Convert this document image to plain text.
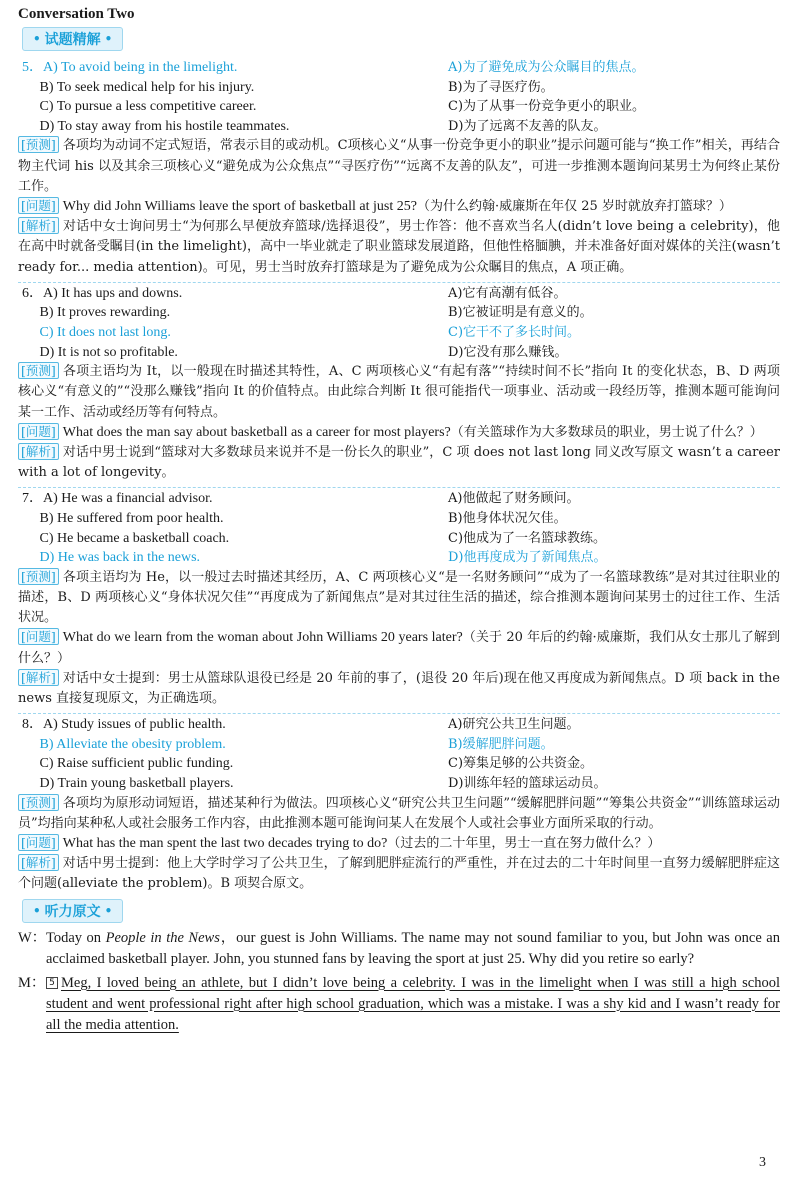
Conversation Two
• 试题精解 •
5．A) To avoid being in the limelight.	A)为了避免成为公众瞩目的焦点。
　 B) To seek medical help for his injury.	B)为了寻医疗伤。
　 C) To pursue a less competitive career.	C)为了从事一份竞争更小的职业。
　 D) To stay away from his hostile teammates.	D)为了远离不友善的队友。

[预测] 各项均为动词不定式短语，常表示目的或动机。C项核心义“从事一份竞争更小的职业”提示问题可能与“换工作”相关，再结合物主代词 his 以及其余三项核心义“避免成为公众焦点”“寻医疗伤”“远离不友善的队友”，可进一步推测本题询问某男士为何终止某份工作。

[问题] Why did John Williams leave the sport of basketball at just 25?（为什么约翰·威廉斯在年仅 25 岁时就放弃打篮球？）

[解析] 对话中女士询问男士“为何那么早便放弃篮球/选择退役”，男士作答：他不喜欢当名人(didn’t love being a celebrity)，他在高中时就备受瞩目(in the limelight)，高中一毕业就走了职业篮球发展道路，但他性格腼腆，并未准备好面对媒体的关注(wasn’t ready for... media attention)。可见，男士当时放弃打篮球是为了避免成为公众瞩目的焦点，A 项正确。

6．A) It has ups and downs.	A)它有高潮有低谷。
　 B) It proves rewarding.	B)它被证明是有意义的。
　 C) It does not last long.	C)它干不了多长时间。
　 D) It is not so profitable.	D)它没有那么赚钱。

[预测] 各项主语均为 It，以一般现在时描述其特性，A、C 两项核心义“有起有落”“持续时间不长”指向 It 的变化状态，B、D 两项核心义“有意义的”“没那么赚钱”指向 It 的价值特点。由此综合判断 It 很可能指代一项事业、活动或一段经历等，推测本题可能询问某一工作、活动或经历等有何特点。

[问题] What does the man say about basketball as a career for most players?（有关篮球作为大多数球员的职业，男士说了什么？）

[解析] 对话中男士说到“篮球对大多数球员来说并不是一份长久的职业”，C 项 does not last long 同义改写原文 wasn’t a career with a lot of longevity。

7．A) He was a financial advisor.	A)他做起了财务顾问。
　 B) He suffered from poor health.	B)他身体状况欠佳。
　 C) He became a basketball coach.	C)他成为了一名篮球教练。
　 D) He was back in the news.	D)他再度成为了新闻焦点。

[预测] 各项主语均为 He，以一般过去时描述其经历，A、C 两项核心义“是一名财务顾问”“成为了一名篮球教练”是对其过往职业的描述，B、D 两项核心义“身体状况欠佳”“再度成为了新闻焦点”是对其过往生活的描述，综合推测本题询问某男士的过往工作、生活状况。

[问题] What do we learn from the woman about John Williams 20 years later?（关于 20 年后的约翰·威廉斯，我们从女士那儿了解到什么？）

[解析] 对话中女士提到：男士从篮球队退役已经是 20 年前的事了，(退役 20 年后)现在他又再度成为新闻焦点。D 项 back in the news 直接复现原文，为正确选项。

8．A) Study issues of public health.	A)研究公共卫生问题。
　 B) Alleviate the obesity problem.	B)缓解肥胖问题。
　 C) Raise sufficient public funding.	C)筹集足够的公共资金。
　 D) Train young basketball players.	D)训练年轻的篮球运动员。

[预测] 各项均为原形动词短语，描述某种行为做法。四项核心义“研究公共卫生问题”“缓解肥胖问题”“筹集公共资金”“训练篮球运动员”均指向某种私人或社会服务工作内容，由此推测本题可能询问某人在发展个人或社会事业方面所采取的行动。

[问题] What has the man spent the last two decades trying to do?（过去的二十年里，男士一直在努力做什么？）

[解析] 对话中男士提到：他上大学时学习了公共卫生，了解到肥胖症流行的严重性，并在过去的二十年时间里一直努力缓解肥胖症这个问题(alleviate the problem)。B 项契合原文。

• 听力原文 •
W： Today on People in the News，our guest is John Williams. The name may not sound familiar to you, but John was once an acclaimed basketball player. John, you stunned fans by leaving the sport at just 25. Why did you retire so early?
M： 5 Meg, I loved being an athlete, but I didn’t love being a celebrity. I was in the limelight when I was still a high school student and went professional right after high school graduation, which was a mistake. I was a shy kid and I wasn’t ready for all the media attention.
3
